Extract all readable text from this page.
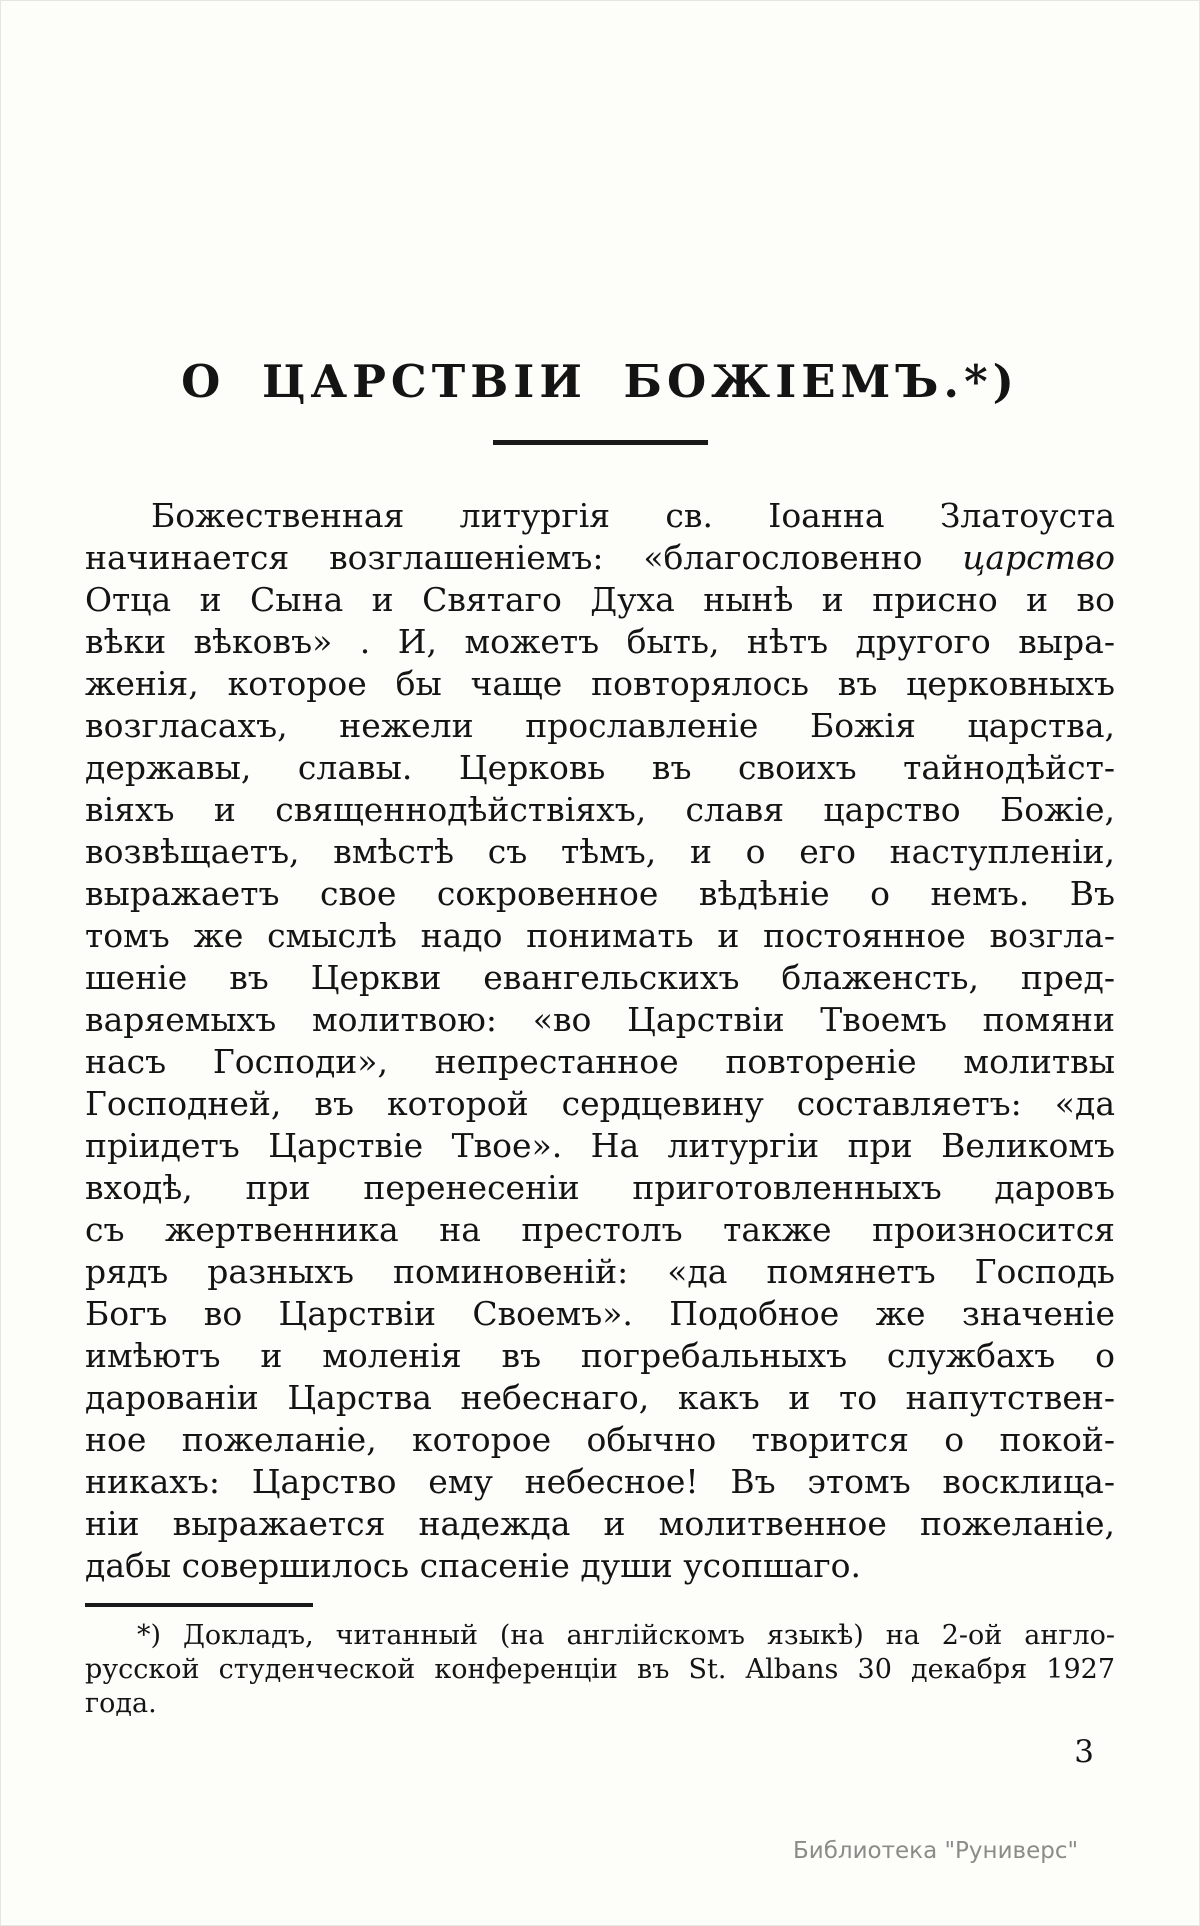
О ЦАРСТВІИ БОЖІЕМЪ.*)
Божественная литургія св. Іоанна Златоуста
начинается возглашеніемъ: «благословенно царство
Отца и Сына и Святаго Духа нынѣ и присно и во
вѣки вѣковъ» . И, можетъ быть, нѣтъ другого выра-
женія, которое бы чаще повторялось въ церковныхъ
возгласахъ, нежели прославленіе Божія царства,
державы, славы. Церковь въ своихъ тайнодѣйст-
віяхъ и священнодѣйствіяхъ, славя царство Божіе,
возвѣщаетъ, вмѣстѣ съ тѣмъ, и о его наступленіи,
выражаетъ свое сокровенное вѣдѣніе о немъ. Въ
томъ же смыслѣ надо понимать и постоянное возгла-
шеніе въ Церкви евангельскихъ блаженсть, пред-
варяемыхъ молитвою: «во Царствіи Твоемъ помяни
насъ Господи», непрестанное повтореніе молитвы
Господней, въ которой сердцевину составляетъ: «да
пріидетъ Царствіе Твое». На литургіи при Великомъ
входѣ, при перенесеніи приготовленныхъ даровъ
съ жертвенника на престолъ также произносится
рядъ разныхъ поминовеній: «да помянетъ Господь
Богъ во Царствіи Своемъ». Подобное же значеніе
имѣютъ и моленія въ погребальныхъ службахъ о
дарованіи Царства небеснаго, какъ и то напутствен-
ное пожеланіе, которое обычно творится о покой-
никахъ: Царство ему небесное! Въ этомъ восклица-
ніи выражается надежда и молитвенное пожеланіе,
дабы совершилось спасеніе души усопшаго.
*) Докладъ, читанный (на англійскомъ языкѣ) на 2-ой англо-
русской студенческой конференціи въ St. Albans 30 декабря 1927
года.
3
Библиотека "Руниверс"
